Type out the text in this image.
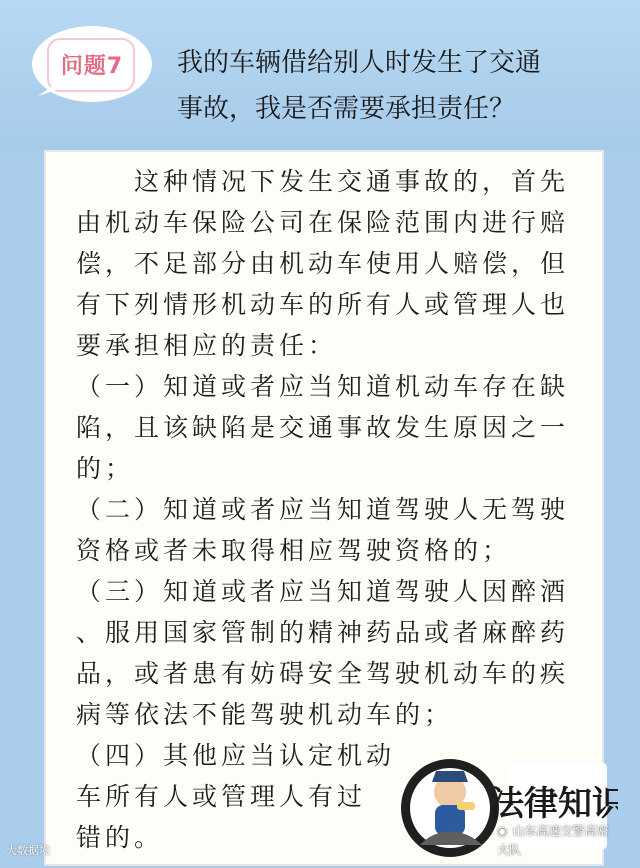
问题7	我的车辆借给别人时发生了交通
事故，我是否需要承担责任？
　　这种情况下发生交通事故的，首先
由机动车保险公司在保险范围内进行赔
偿，不足部分由机动车使用人赔偿，但
有下列情形机动车的所有人或管理人也
要承担相应的责任：
（一）知道或者应当知道机动车存在缺
陷，且该缺陷是交通事故发生原因之一
的；
（二）知道或者应当知道驾驶人无驾驶
资格或者未取得相应驾驶资格的；
（三）知道或者应当知道驾驶人因醉酒
、服用国家管制的精神药品或者麻醉药
品，或者患有妨碍安全驾驶机动车的疾
病等依法不能驾驶机动车的；
（四）其他应当认定机动
车所有人或管理人有过
错的。
法律知识
◉ 山东高速交警高密大队
大数据境
